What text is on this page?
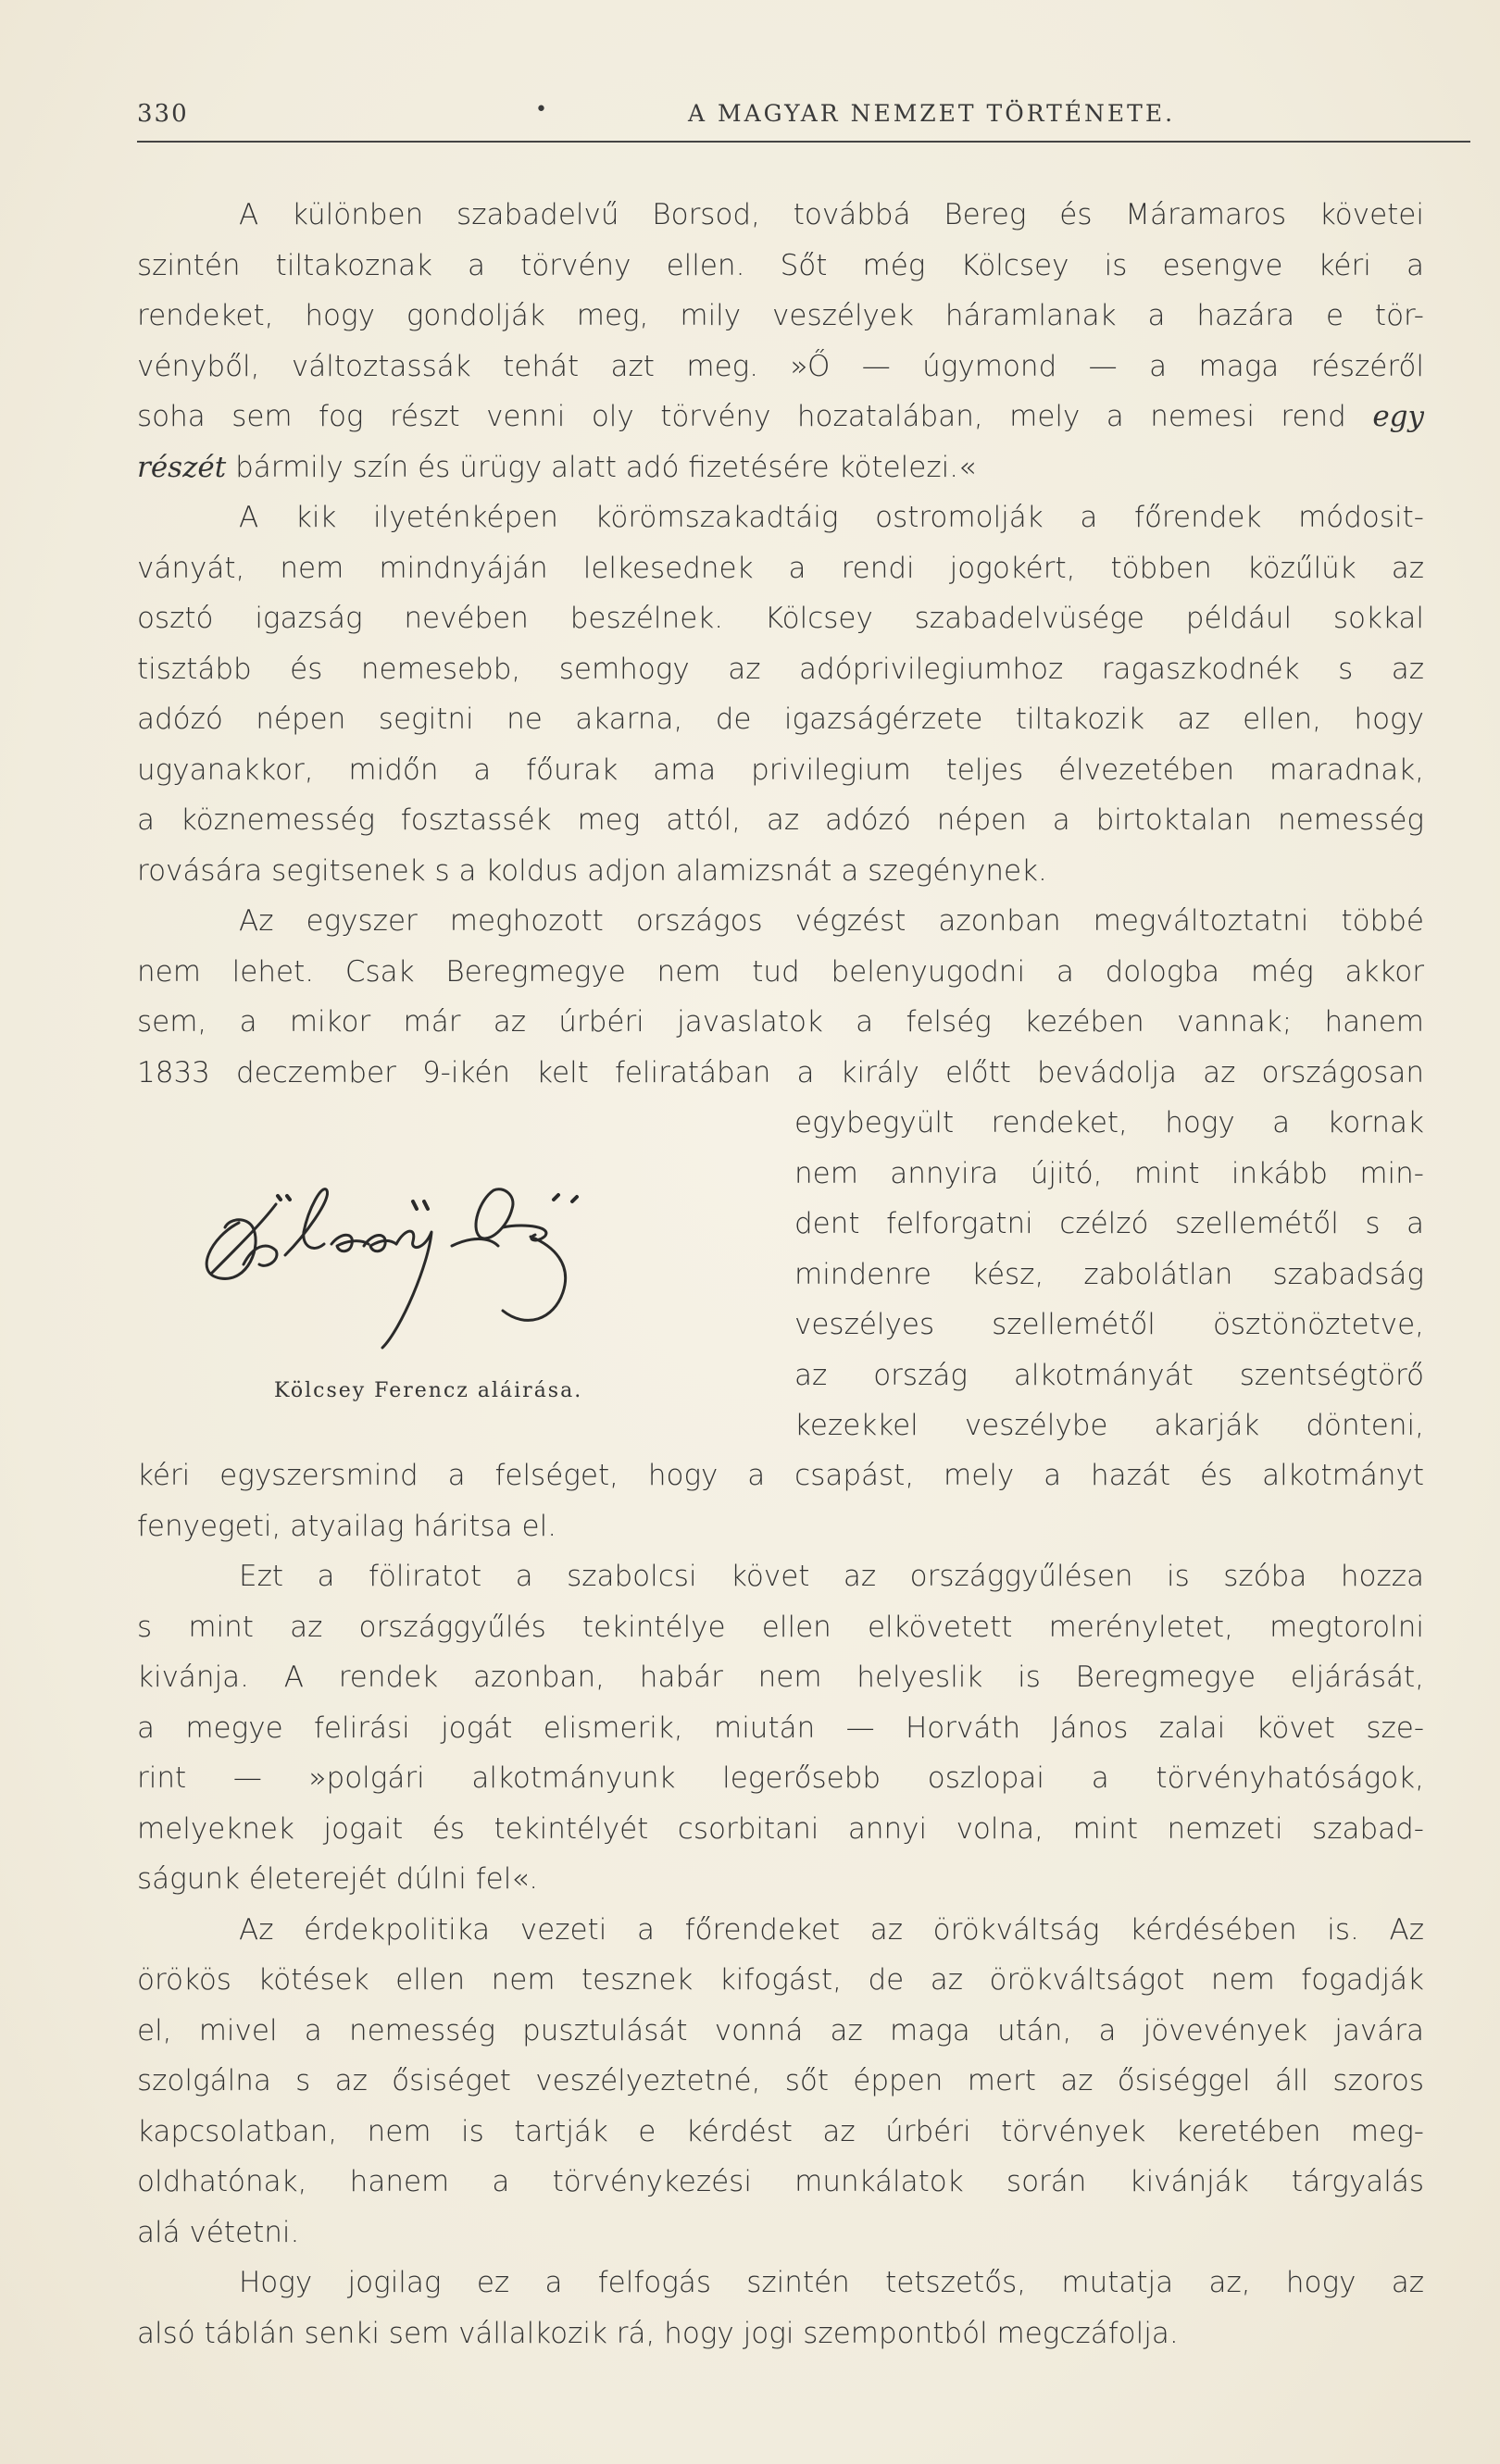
330	•	A MAGYAR NEMZET TÖRTÉNETE.
A különben szabadelvű Borsod, továbbá Bereg és Máramaros követei
szintén tiltakoznak a törvény ellen. Sőt még Kölcsey is esengve kéri a
rendeket, hogy gondolják meg, mily veszélyek háramlanak a hazára e tör-
vényből, változtassák tehát azt meg. »Ő — úgymond — a maga részéről
soha sem fog részt venni oly törvény hozatalában, mely a nemesi rend egy
részét bármily szín és ürügy alatt adó fizetésére kötelezi.«
A kik ilyeténképen körömszakadtáig ostromolják a főrendek módosit-
ványát, nem mindnyáján lelkesednek a rendi jogokért, többen közűlük az
osztó igazság nevében beszélnek. Kölcsey szabadelvüsége például sokkal
tisztább és nemesebb, semhogy az adóprivilegiumhoz ragaszkodnék s az
adózó népen segitni ne akarna, de igazságérzete tiltakozik az ellen, hogy
ugyanakkor, midőn a főurak ama privilegium teljes élvezetében maradnak,
a köznemesség fosztassék meg attól, az adózó népen a birtoktalan nemesség
rovására segitsenek s a koldus adjon alamizsnát a szegénynek.
Az egyszer meghozott országos végzést azonban megváltoztatni többé
nem lehet. Csak Beregmegye nem tud belenyugodni a dologba még akkor
sem, a mikor már az úrbéri javaslatok a felség kezében vannak; hanem
1833 deczember 9-ikén kelt feliratában a király előtt bevádolja az országosan
Kölcsey Ferencz aláirása.
egybegyült rendeket, hogy a kornak
nem annyira újitó, mint inkább min-
dent felforgatni czélzó szellemétől s a
mindenre kész, zabolátlan szabadság
veszélyes szellemétől ösztönöztetve,
az ország alkotmányát szentségtörő
kezekkel veszélybe akarják dönteni,
kéri egyszersmind a felséget, hogy a csapást, mely a hazát és alkotmányt
fenyegeti, atyailag háritsa el.
Ezt a föliratot a szabolcsi követ az országgyűlésen is szóba hozza
s mint az országgyűlés tekintélye ellen elkövetett merényletet, megtorolni
kivánja. A rendek azonban, habár nem helyeslik is Beregmegye eljárását,
a megye felirási jogát elismerik, miután — Horváth János zalai követ sze-
rint — »polgári alkotmányunk legerősebb oszlopai a törvényhatóságok,
melyeknek jogait és tekintélyét csorbitani annyi volna, mint nemzeti szabad-
ságunk életerejét dúlni fel«.
Az érdekpolitika vezeti a főrendeket az örökváltság kérdésében is. Az
örökös kötések ellen nem tesznek kifogást, de az örökváltságot nem fogadják
el, mivel a nemesség pusztulását vonná az maga után, a jövevények javára
szolgálna s az ősiséget veszélyeztetné, sőt éppen mert az ősiséggel áll szoros
kapcsolatban, nem is tartják e kérdést az úrbéri törvények keretében meg-
oldhatónak, hanem a törvénykezési munkálatok során kivánják tárgyalás
alá vétetni.
Hogy jogilag ez a felfogás szintén tetszetős, mutatja az, hogy az
alsó táblán senki sem vállalkozik rá, hogy jogi szempontból megczáfolja.
